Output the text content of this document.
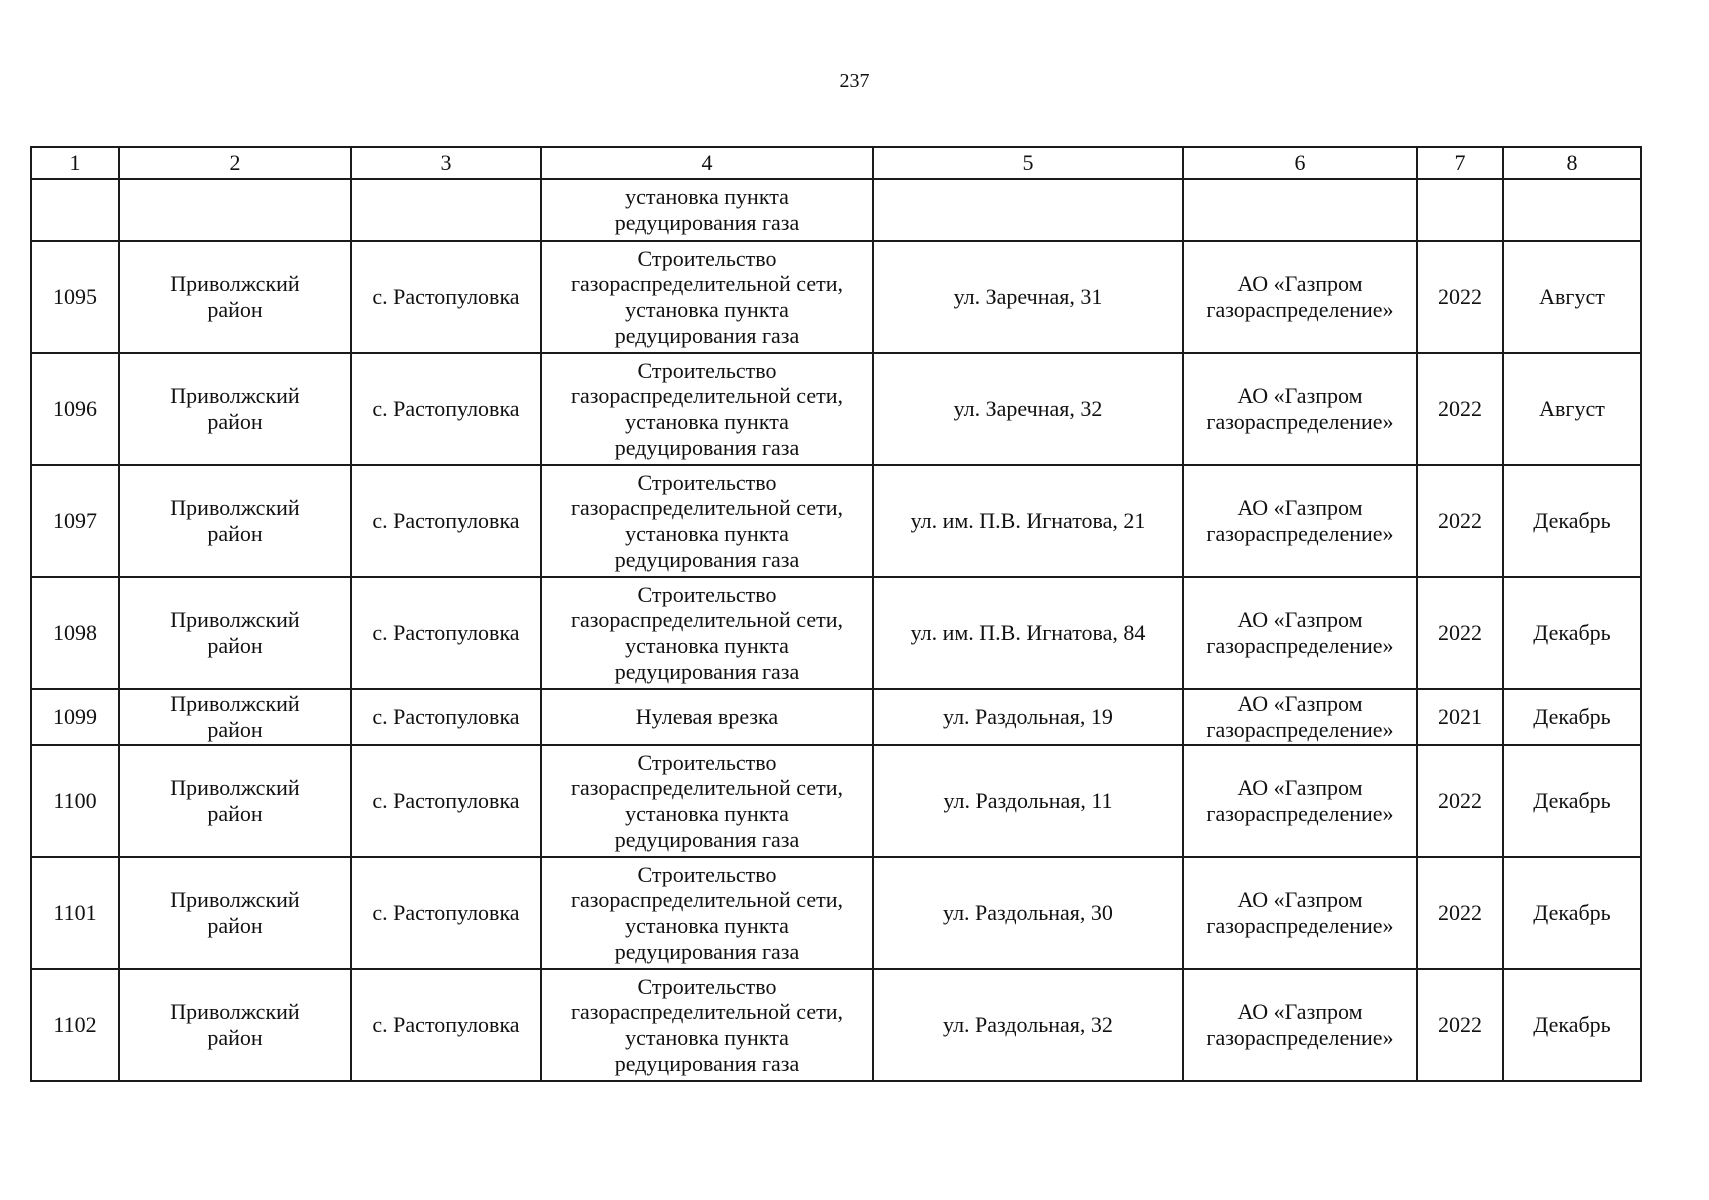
237
1	2	3	4	5	6	7	8

			установка пункта
редуцирования газа				

1095	Приволжский
район	с. Растопуловка	Строительство
газораспределительной сети,
установка пункта
редуцирования газа	ул. Заречная, 31	АО «Газпром
газораспределение»	2022	Август
1096	Приволжский
район	с. Растопуловка	Строительство
газораспределительной сети,
установка пункта
редуцирования газа	ул. Заречная, 32	АО «Газпром
газораспределение»	2022	Август
1097	Приволжский
район	с. Растопуловка	Строительство
газораспределительной сети,
установка пункта
редуцирования газа	ул. им. П.В. Игнатова, 21	АО «Газпром
газораспределение»	2022	Декабрь
1098	Приволжский
район	с. Растопуловка	Строительство
газораспределительной сети,
установка пункта
редуцирования газа	ул. им. П.В. Игнатова, 84	АО «Газпром
газораспределение»	2022	Декабрь
1099	Приволжский
район	с. Растопуловка	Нулевая врезка	ул. Раздольная, 19	АО «Газпром
газораспределение»	2021	Декабрь
1100	Приволжский
район	с. Растопуловка	Строительство
газораспределительной сети,
установка пункта
редуцирования газа	ул. Раздольная, 11	АО «Газпром
газораспределение»	2022	Декабрь
1101	Приволжский
район	с. Растопуловка	Строительство
газораспределительной сети,
установка пункта
редуцирования газа	ул. Раздольная, 30	АО «Газпром
газораспределение»	2022	Декабрь
1102	Приволжский
район	с. Растопуловка	Строительство
газораспределительной сети,
установка пункта
редуцирования газа	ул. Раздольная, 32	АО «Газпром
газораспределение»	2022	Декабрь
